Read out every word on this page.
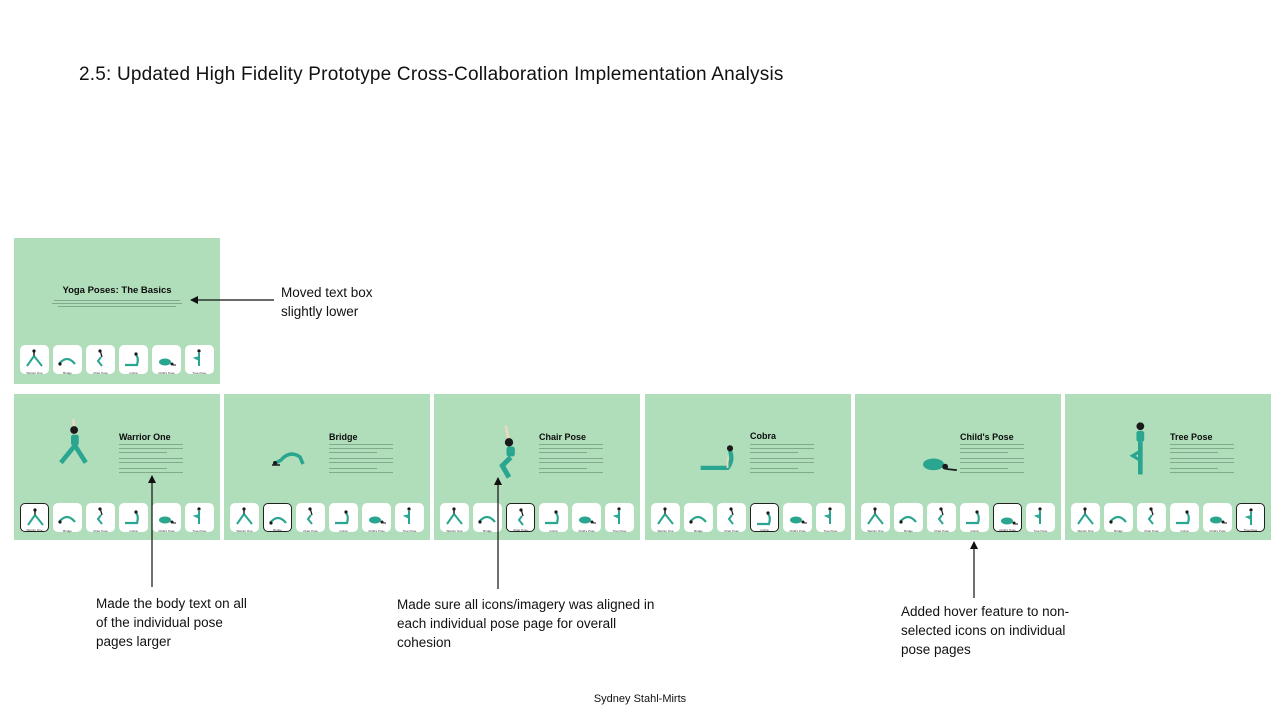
2.5: Updated High Fidelity Prototype Cross-Collaboration Implementation Analysis
Yoga Poses: The Basics
Warrior One	Bridge	Chair Pose	Cobra	Child's Pose	Tree Pose
Warrior One
Warrior One	Bridge	Chair Pose	Cobra	Child's Pose	Tree Pose
Bridge
Warrior One	Bridge	Chair Pose	Cobra	Child's Pose	Tree Pose
Chair Pose
Warrior One	Bridge	Chair Pose	Cobra	Child's Pose	Tree Pose
Cobra
Warrior One	Bridge	Chair Pose	Cobra	Child's Pose	Tree Pose
Child's Pose
Warrior One	Bridge	Chair Pose	Cobra	Child's Pose	Tree Pose
Tree Pose
Warrior One	Bridge	Chair Pose	Cobra	Child's Pose	Tree Pose
Moved text box slightly lower
Made the body text on all of the individual pose pages larger
Made sure all icons/imagery was aligned in each individual pose page for overall cohesion
Added hover feature to non-selected icons on individual pose pages
Sydney Stahl-Mirts
